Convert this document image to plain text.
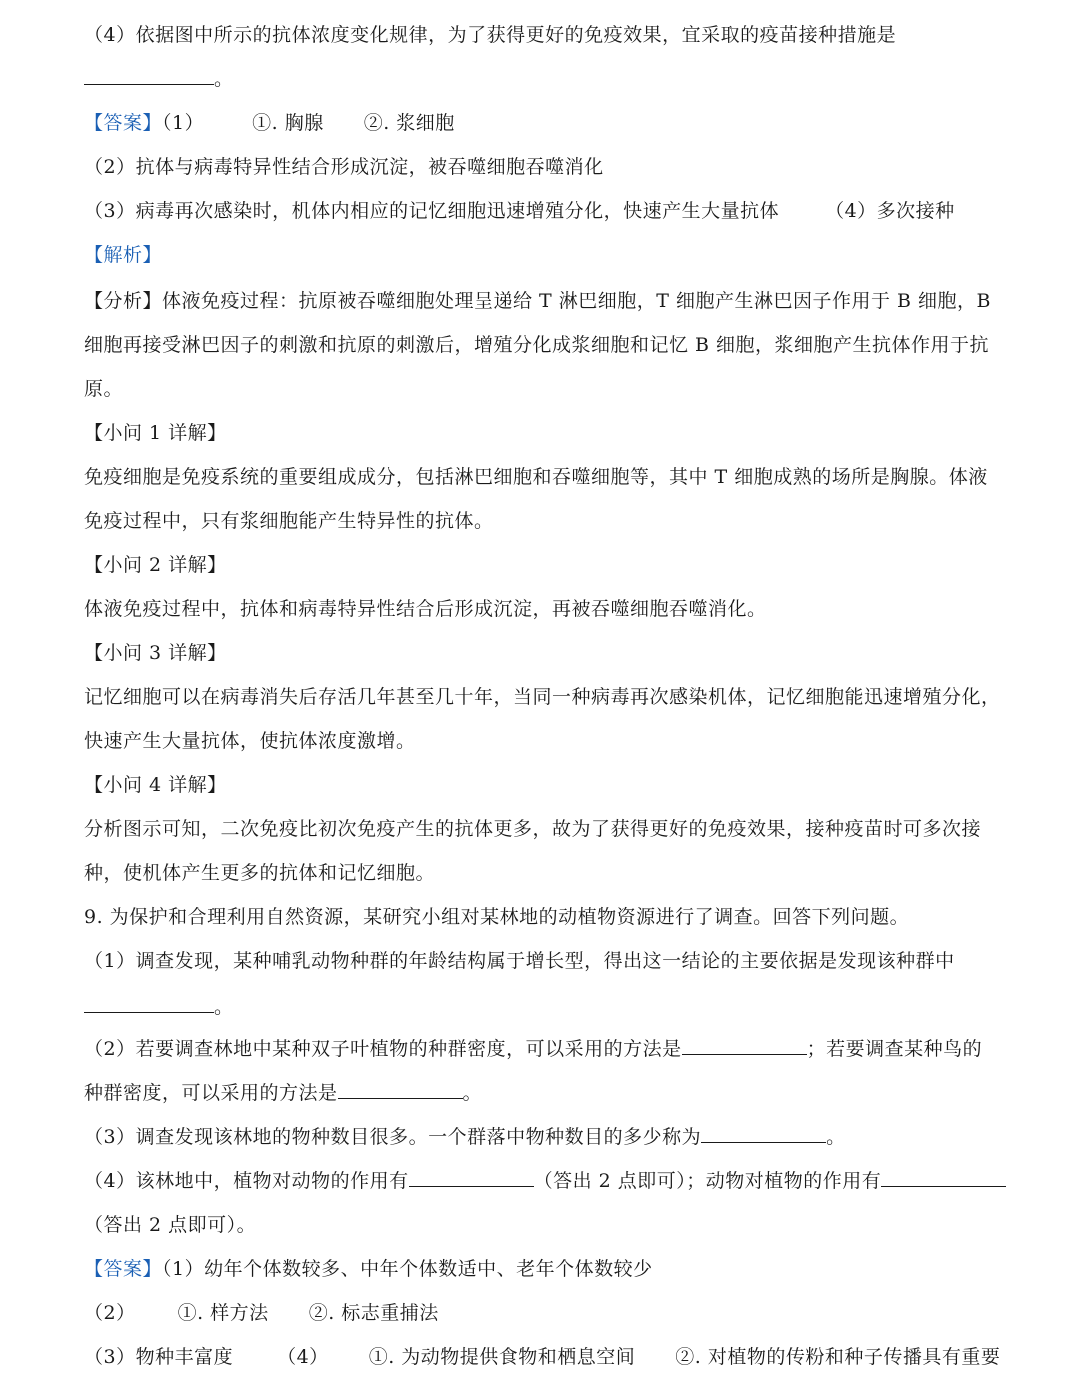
（4）依据图中所示的抗体浓度变化规律，为了获得更好的免疫效果，宜采取的疫苗接种措施是
。
【答案】（1）	①. 胸腺 ②. 浆细胞
（2）抗体与病毒特异性结合形成沉淀，被吞噬细胞吞噬消化
（3）病毒再次感染时，机体内相应的记忆细胞迅速增殖分化，快速产生大量抗体 （4）多次接种
【解析】
【分析】体液免疫过程：抗原被吞噬细胞处理呈递给 T 淋巴细胞，T 细胞产生淋巴因子作用于 B 细胞，B
细胞再接受淋巴因子的刺激和抗原的刺激后，增殖分化成浆细胞和记忆 B 细胞，浆细胞产生抗体作用于抗
原。
【小问 1 详解】
免疫细胞是免疫系统的重要组成成分，包括淋巴细胞和吞噬细胞等，其中 T 细胞成熟的场所是胸腺。体液
免疫过程中，只有浆细胞能产生特异性的抗体。
【小问 2 详解】
体液免疫过程中，抗体和病毒特异性结合后形成沉淀，再被吞噬细胞吞噬消化。
【小问 3 详解】
记忆细胞可以在病毒消失后存活几年甚至几十年，当同一种病毒再次感染机体，记忆细胞能迅速增殖分化，
快速产生大量抗体，使抗体浓度激增。
【小问 4 详解】
分析图示可知，二次免疫比初次免疫产生的抗体更多，故为了获得更好的免疫效果，接种疫苗时可多次接
种，使机体产生更多的抗体和记忆细胞。
9. 为保护和合理利用自然资源，某研究小组对某林地的动植物资源进行了调查。回答下列问题。
（1）调查发现，某种哺乳动物种群的年龄结构属于增长型，得出这一结论的主要依据是发现该种群中
。
（2）若要调查林地中某种双子叶植物的种群密度，可以采用的方法是	；若要调查某种鸟的
种群密度，可以采用的方法是	。
（3）调查发现该林地的物种数目很多。一个群落中物种数目的多少称为	。
（4）该林地中，植物对动物的作用有	（答出 2 点即可）；动物对植物的作用有
（答出 2 点即可）。
【答案】（1）幼年个体数较多、中年个体数适中、老年个体数较少
（2） ①. 样方法 ②. 标志重捕法
（3）物种丰富度 （4） ①. 为动物提供食物和栖息空间 ②. 对植物的传粉和种子传播具有重要
